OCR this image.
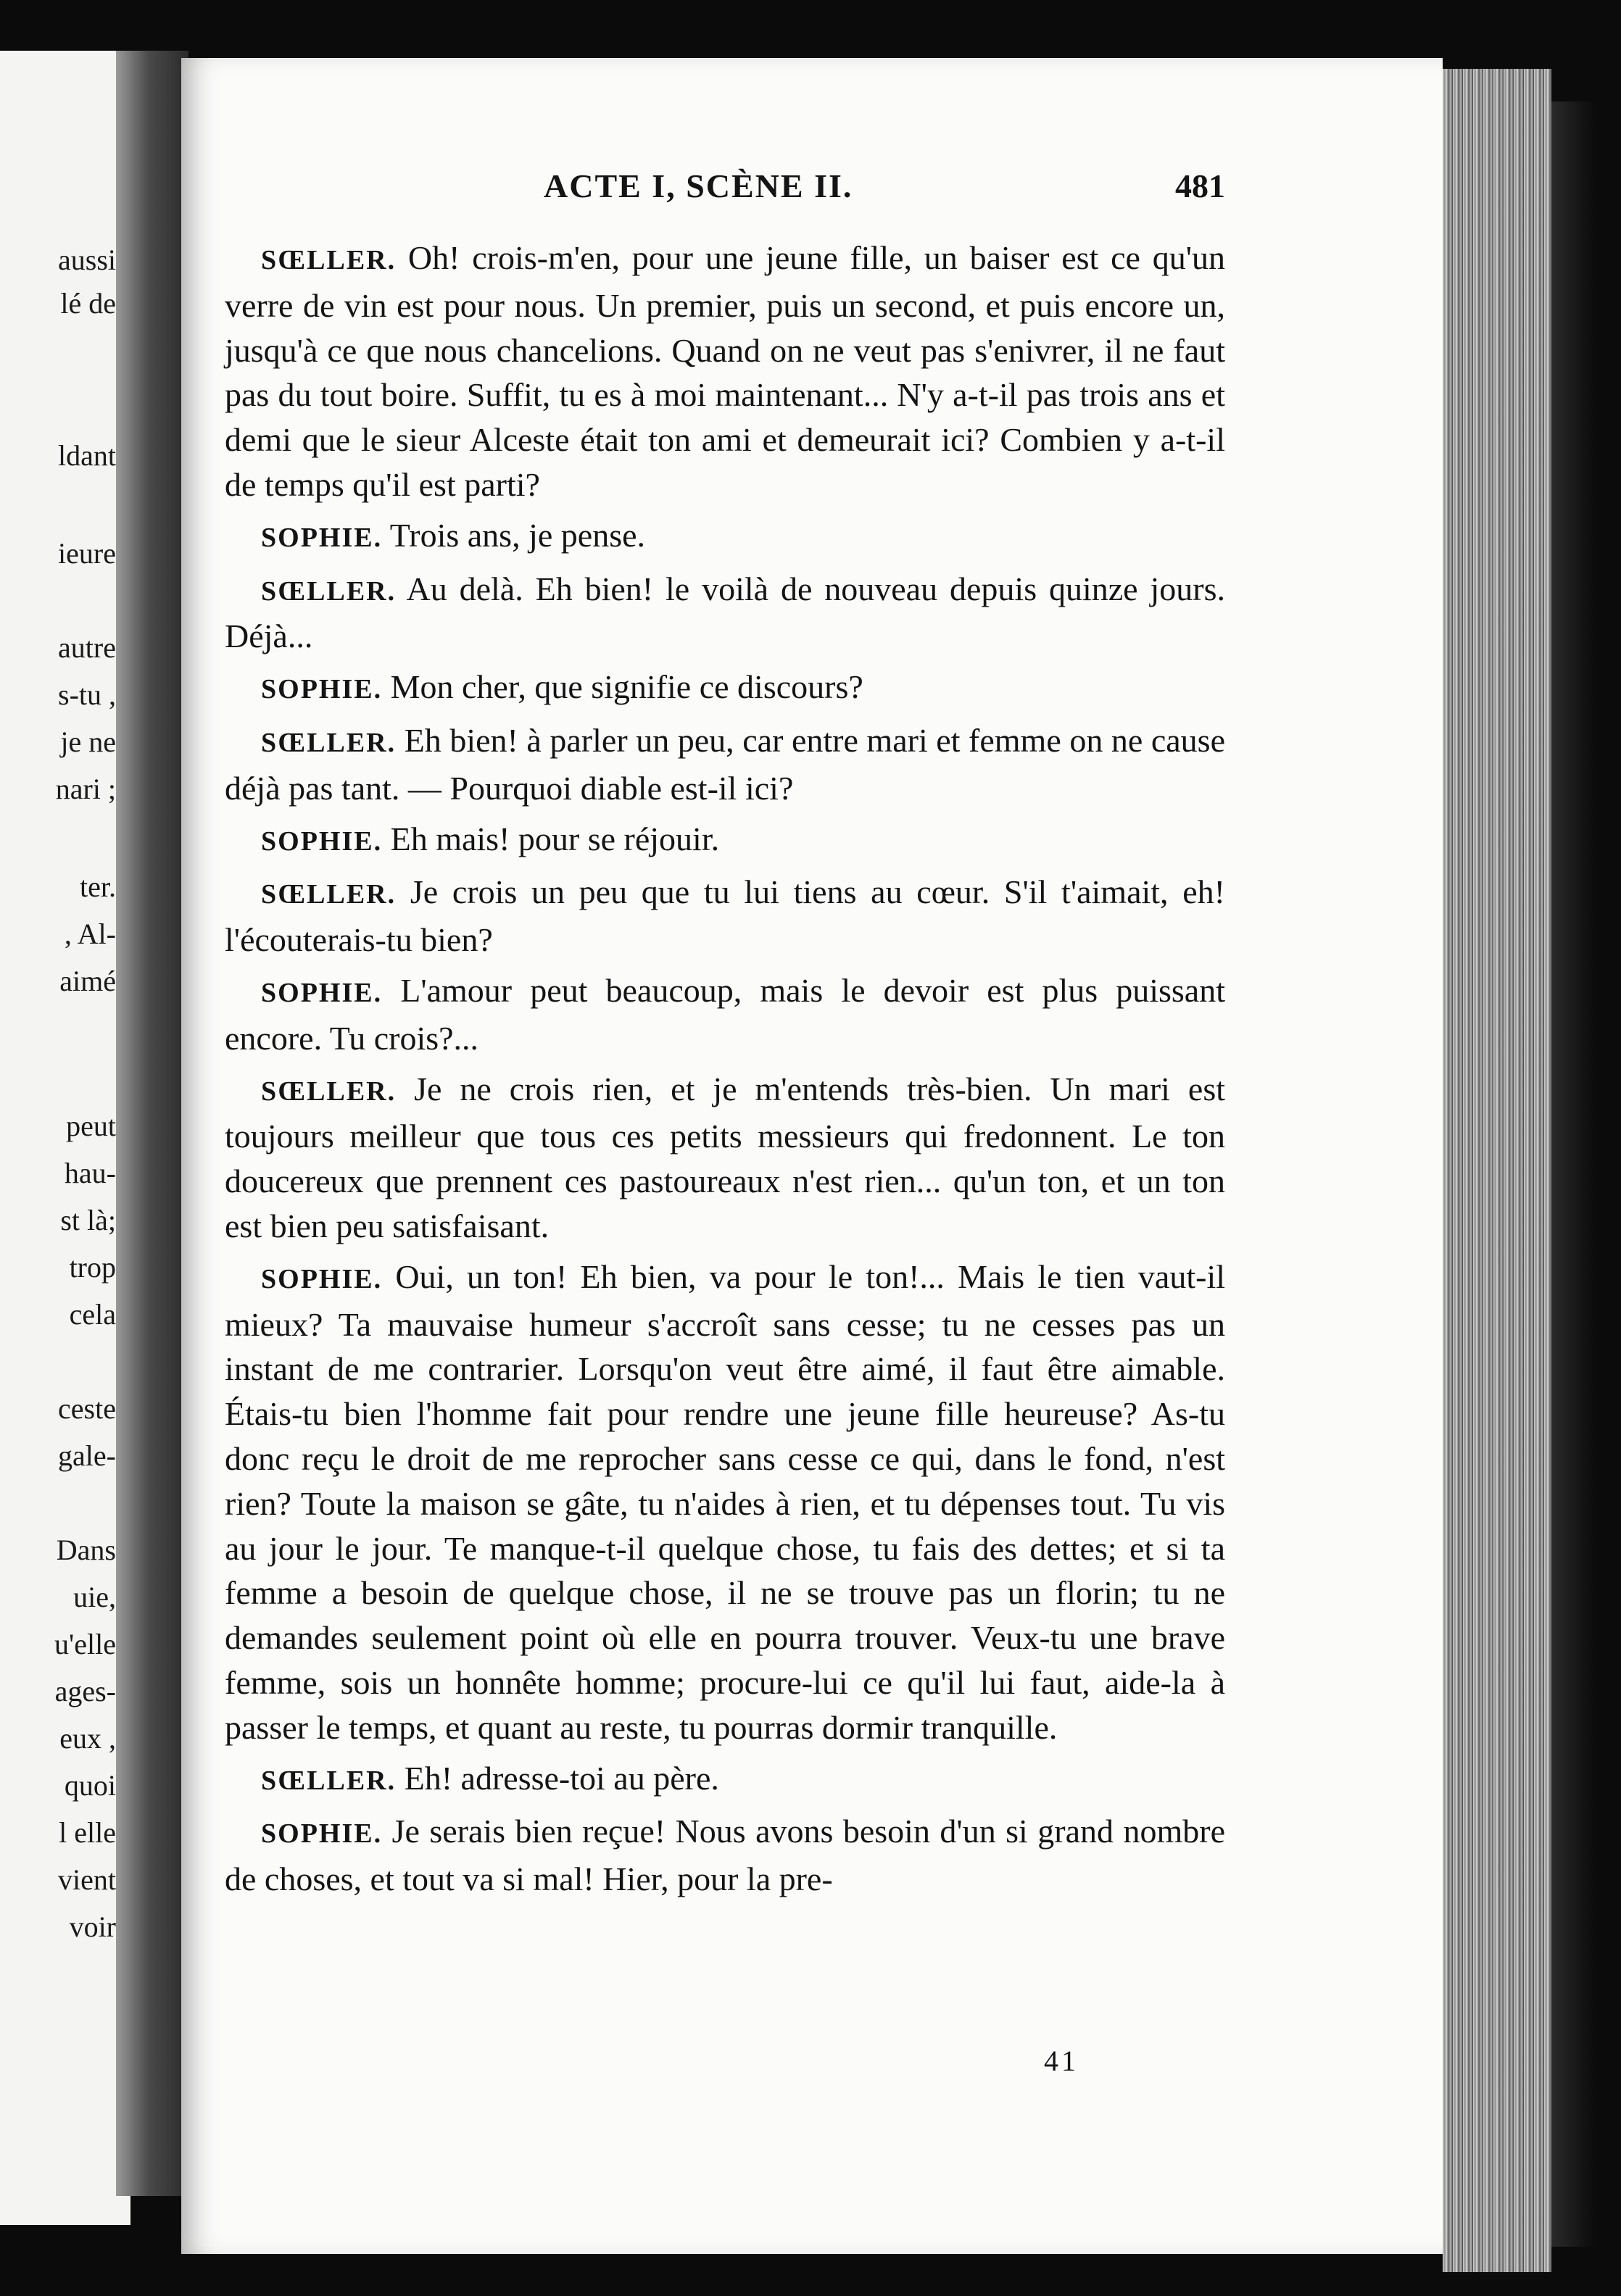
aussi
lé de
ldant
ieure
autre
s-tu ,
je ne
nari ;
ter.
, Al-
aimé
peut
hau-
st là;
trop
cela
ceste
gale-
Dans
uie,
u'elle
ages-
eux ,
quoi
l elle
vient
voir
ACTE I, SCÈNE II.	481

SŒLLER. Oh! crois-m'en, pour une jeune fille, un baiser est ce qu'un verre de vin est pour nous. Un premier, puis un second, et puis encore un, jusqu'à ce que nous chancelions. Quand on ne veut pas s'enivrer, il ne faut pas du tout boire. Suffit, tu es à moi maintenant... N'y a-t-il pas trois ans et demi que le sieur Alceste était ton ami et demeurait ici? Combien y a-t-il de temps qu'il est parti?

SOPHIE. Trois ans, je pense.

SŒLLER. Au delà. Eh bien! le voilà de nouveau depuis quinze jours. Déjà...

SOPHIE. Mon cher, que signifie ce discours?

SŒLLER. Eh bien! à parler un peu, car entre mari et femme on ne cause déjà pas tant. — Pourquoi diable est-il ici?

SOPHIE. Eh mais! pour se réjouir.

SŒLLER. Je crois un peu que tu lui tiens au cœur. S'il t'aimait, eh! l'écouterais-tu bien?

SOPHIE. L'amour peut beaucoup, mais le devoir est plus puissant encore. Tu crois?...

SŒLLER. Je ne crois rien, et je m'entends très-bien. Un mari est toujours meilleur que tous ces petits messieurs qui fredonnent. Le ton doucereux que prennent ces pastoureaux n'est rien... qu'un ton, et un ton est bien peu satisfaisant.

SOPHIE. Oui, un ton! Eh bien, va pour le ton!... Mais le tien vaut-il mieux? Ta mauvaise humeur s'accroît sans cesse; tu ne cesses pas un instant de me contrarier. Lorsqu'on veut être aimé, il faut être aimable. Étais-tu bien l'homme fait pour rendre une jeune fille heureuse? As-tu donc reçu le droit de me reprocher sans cesse ce qui, dans le fond, n'est rien? Toute la maison se gâte, tu n'aides à rien, et tu dépenses tout. Tu vis au jour le jour. Te manque-t-il quelque chose, tu fais des dettes; et si ta femme a besoin de quelque chose, il ne se trouve pas un florin; tu ne demandes seulement point où elle en pourra trouver. Veux-tu une brave femme, sois un honnête homme; procure-lui ce qu'il lui faut, aide-la à passer le temps, et quant au reste, tu pourras dormir tranquille.

SŒLLER. Eh! adresse-toi au père.

SOPHIE. Je serais bien reçue! Nous avons besoin d'un si grand nombre de choses, et tout va si mal! Hier, pour la pre-

41
